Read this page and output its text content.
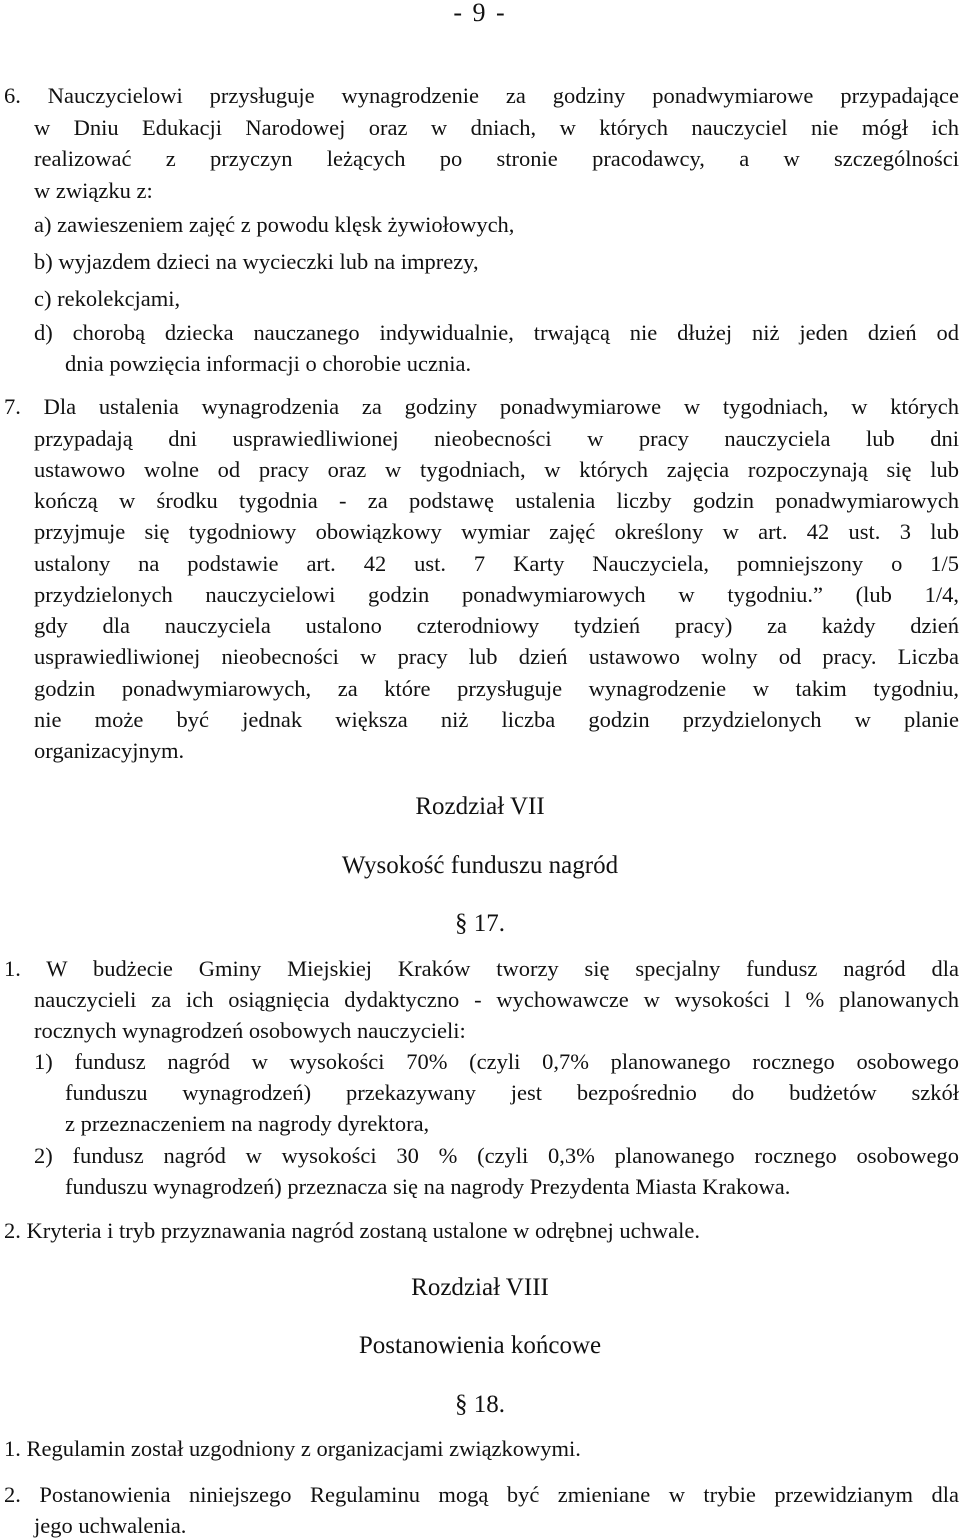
- 9 -
6. Nauczycielowi przysługuje wynagrodzenie za godziny ponadwymiarowe przypadające
w Dniu Edukacji Narodowej oraz w dniach, w których nauczyciel nie mógł ich
realizować z przyczyn leżących po stronie pracodawcy, a w szczególności
w związku z:
a) zawieszeniem zajęć z powodu klęsk żywiołowych,
b) wyjazdem dzieci na wycieczki lub na imprezy,
c) rekolekcjami,
d) chorobą dziecka nauczanego indywidualnie, trwającą nie dłużej niż jeden dzień od
dnia powzięcia informacji o chorobie ucznia.
7. Dla ustalenia wynagrodzenia za godziny ponadwymiarowe w tygodniach, w których
przypadają dni usprawiedliwionej nieobecności w pracy nauczyciela lub dni
ustawowo wolne od pracy oraz w tygodniach, w których zajęcia rozpoczynają się lub
kończą w środku tygodnia - za podstawę ustalenia liczby godzin ponadwymiarowych
przyjmuje się tygodniowy obowiązkowy wymiar zajęć określony w art. 42 ust. 3 lub
ustalony na podstawie art. 42 ust. 7 Karty Nauczyciela, pomniejszony o 1/5
przydzielonych nauczycielowi godzin ponadwymiarowych w tygodniu.” (lub 1/4,
gdy dla nauczyciela ustalono czterodniowy tydzień pracy) za każdy dzień
usprawiedliwionej nieobecności w pracy lub dzień ustawowo wolny od pracy. Liczba
godzin ponadwymiarowych, za które przysługuje wynagrodzenie w takim tygodniu,
nie może być jednak większa niż liczba godzin przydzielonych w planie
organizacyjnym.
Rozdział VII
Wysokość funduszu nagród
§ 17.
1. W budżecie Gminy Miejskiej Kraków tworzy się specjalny fundusz nagród dla
nauczycieli za ich osiągnięcia dydaktyczno - wychowawcze w wysokości l % planowanych
rocznych wynagrodzeń osobowych nauczycieli:
1) fundusz nagród w wysokości 70% (czyli 0,7% planowanego rocznego osobowego
funduszu wynagrodzeń) przekazywany jest bezpośrednio do budżetów szkół
z przeznaczeniem na nagrody dyrektora,
2) fundusz nagród w wysokości 30 % (czyli 0,3% planowanego rocznego osobowego
funduszu wynagrodzeń) przeznacza się na nagrody Prezydenta Miasta Krakowa.
2. Kryteria i tryb przyznawania nagród zostaną ustalone w odrębnej uchwale.
Rozdział VIII
Postanowienia końcowe
§ 18.
1. Regulamin został uzgodniony z organizacjami związkowymi.
2. Postanowienia niniejszego Regulaminu mogą być zmieniane w trybie przewidzianym dla
jego uchwalenia.
